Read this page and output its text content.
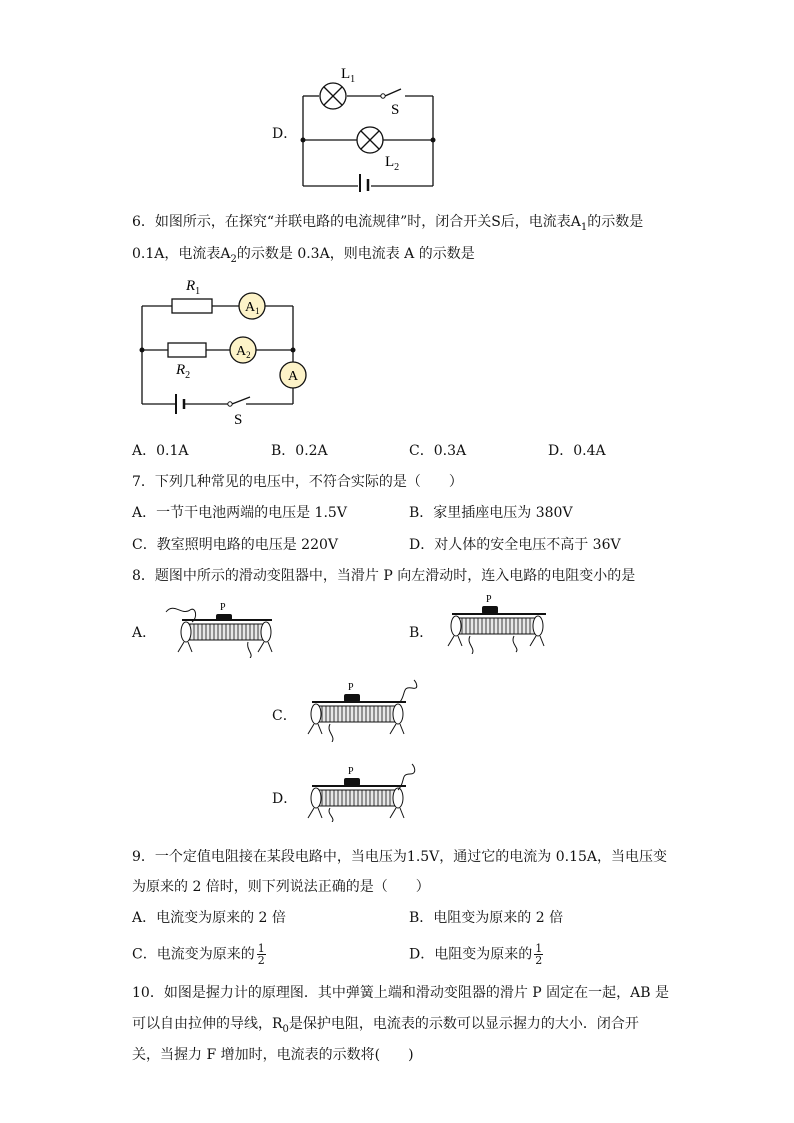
D．
$L_1$
S
$L_2$
6．如图所示，在探究“并联电路的电流规律”时，闭合开关S后，电流表$A_1$的示数是
0.1A，电流表$A_2$的示数是 0.3A，则电流表 A 的示数是
$A_1$
$A_2$
A
$R_1$
$R_2$
S
A．0.1A	B．0.2A	C．0.3A	D．0.4A
7．下列几种常见的电压中，不符合实际的是（　　）
A．一节干电池两端的电压是 1.5V	B．家里插座电压为 380V
C．教室照明电路的电压是 220V	D．对人体的安全电压不高于 36V
8．题图中所示的滑动变阻器中，当滑片 P 向左滑动时，连入电路的电阻变小的是
A．	B．
C．
D．
P
P
P
P
9．一个定值电阻接在某段电路中，当电压为1.5V，通过它的电流为 0.15A，当电压变
为原来的 2 倍时，则下列说法正确的是（　　）
A．电流变为原来的 2 倍	B．电阻变为原来的 2 倍
C．电流变为原来的 $\frac{1}{2}$	D．电阻变为原来的 $\frac{1}{2}$
10．如图是握力计的原理图．其中弹簧上端和滑动变阻器的滑片 P 固定在一起，AB 是
可以自由拉伸的导线，$R_0$是保护电阻，电流表的示数可以显示握力的大小．闭合开
关，当握力 F 增加时，电流表的示数将(　　)
